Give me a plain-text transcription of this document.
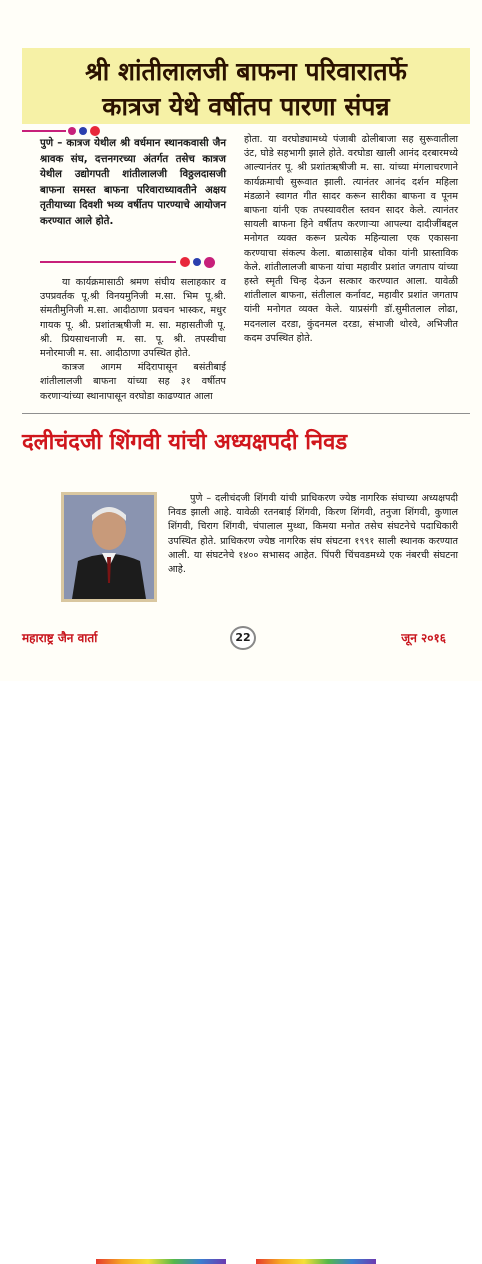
श्री शांतीलालजी बाफना परिवारातर्फे
कात्रज येथे वर्षीतप पारणा संपन्न

पुणे – कात्रज येथील श्री वर्धमान स्थानकवासी जैन श्रावक संघ, दत्तनगरच्या अंतर्गत तसेच कात्रज येथील उद्योगपती शांतीलालजी विठ्ठलदासजी बाफना समस्त बाफना परिवाराध्यावतीने अक्षय तृतीयाच्या दिवशी भव्य वर्षीतप पारण्याचे आयोजन करण्यात आले होते.

या कार्यक्रमासाठी श्रमण संघीय सलाहकार व उपप्रवर्तक पू.श्री विनयमुनिजी म.सा. भिम पू.श्री. संमतीमुनिजी म.सा. आदीठाणा प्रवचन भास्कर, मधुर गायक पू. श्री. प्रशांतऋषीजी म. सा. महासतीजी पू. श्री. प्रियसाधनाजी म. सा. पू. श्री. तपस्वीचा मनोरमाजी म. सा. आदीठाणा उपस्थित होते.

कात्रज आगम मंदिरापासून बसंतीबाई शांतीलालजी बाफना यांच्या सह ३१ वर्षीतप करणाऱ्यांच्या स्थानापासून वरघोडा काढण्यात आला

होता. या वरघोड्यामध्ये पंजाबी ढोलीबाजा सह सुरूवातीला उंट, घोडे सहभागी झाले होते. वरघोडा खाली आनंद दरबारमध्ये आल्यानंतर पू. श्री प्रशांतऋषीजी म. सा. यांच्या मंगलाचरणाने कार्यक्रमाची सुरूवात झाली. त्यानंतर आनंद दर्शन महिला मंडळाने स्वागत गीत सादर करून सारीका बाफना व पूनम बाफना यांनी एक तपस्यावरील स्तवन सादर केले. त्यानंतर सायली बाफना हिने वर्षीतप करणाऱ्या आपल्या दादीजींबद्दल मनोगत व्यक्त करून प्रत्येक महिन्याला एक एकासना करण्याचा संकल्प केला. बाळासाहेब धोका यांनी प्रास्ताविक केले. शांतीलालजी बाफना यांचा महावीर प्रशांत जगताप यांच्या हस्ते स्मृती चिन्ह देऊन सत्कार करण्यात आला. यावेळी शांतीलाल बाफना, संतीलाल कर्नावट, महावीर प्रशांत जगताप यांनी मनोगत व्यक्त केले. याप्रसंगी डॉ.सुमीतलाल लोढा, मदनलाल दरडा, कुंदनमल दरडा, संभाजी थोरवे, अभिजीत कदम उपस्थित होते.

दलीचंदजी शिंगवी यांची अध्यक्षपदी निवड

पुणे – दलीचंदजी शिंगवी यांची प्राधिकरण ज्येष्ठ नागरिक संघाच्या अध्यक्षपदी निवड झाली आहे. यावेळी रतनबाई शिंगवी, किरण शिंगवी, तनुजा शिंगवी, कुणाल शिंगवी, चिराग शिंगवी, चंपालाल मुथ्था, किमया मनोत तसेच संघटनेचे पदाधिकारी उपस्थित होते. प्राधिकरण ज्येष्ठ नागरिक संघ संघटना १९९१ साली स्थानक करण्यात आली. या संघटनेचे १४०० सभासद आहेत. पिंपरी चिंचवडमध्ये एक नंबरची संघटना आहे.

महाराष्ट्र जैन वार्ता	22	जून २०१६
